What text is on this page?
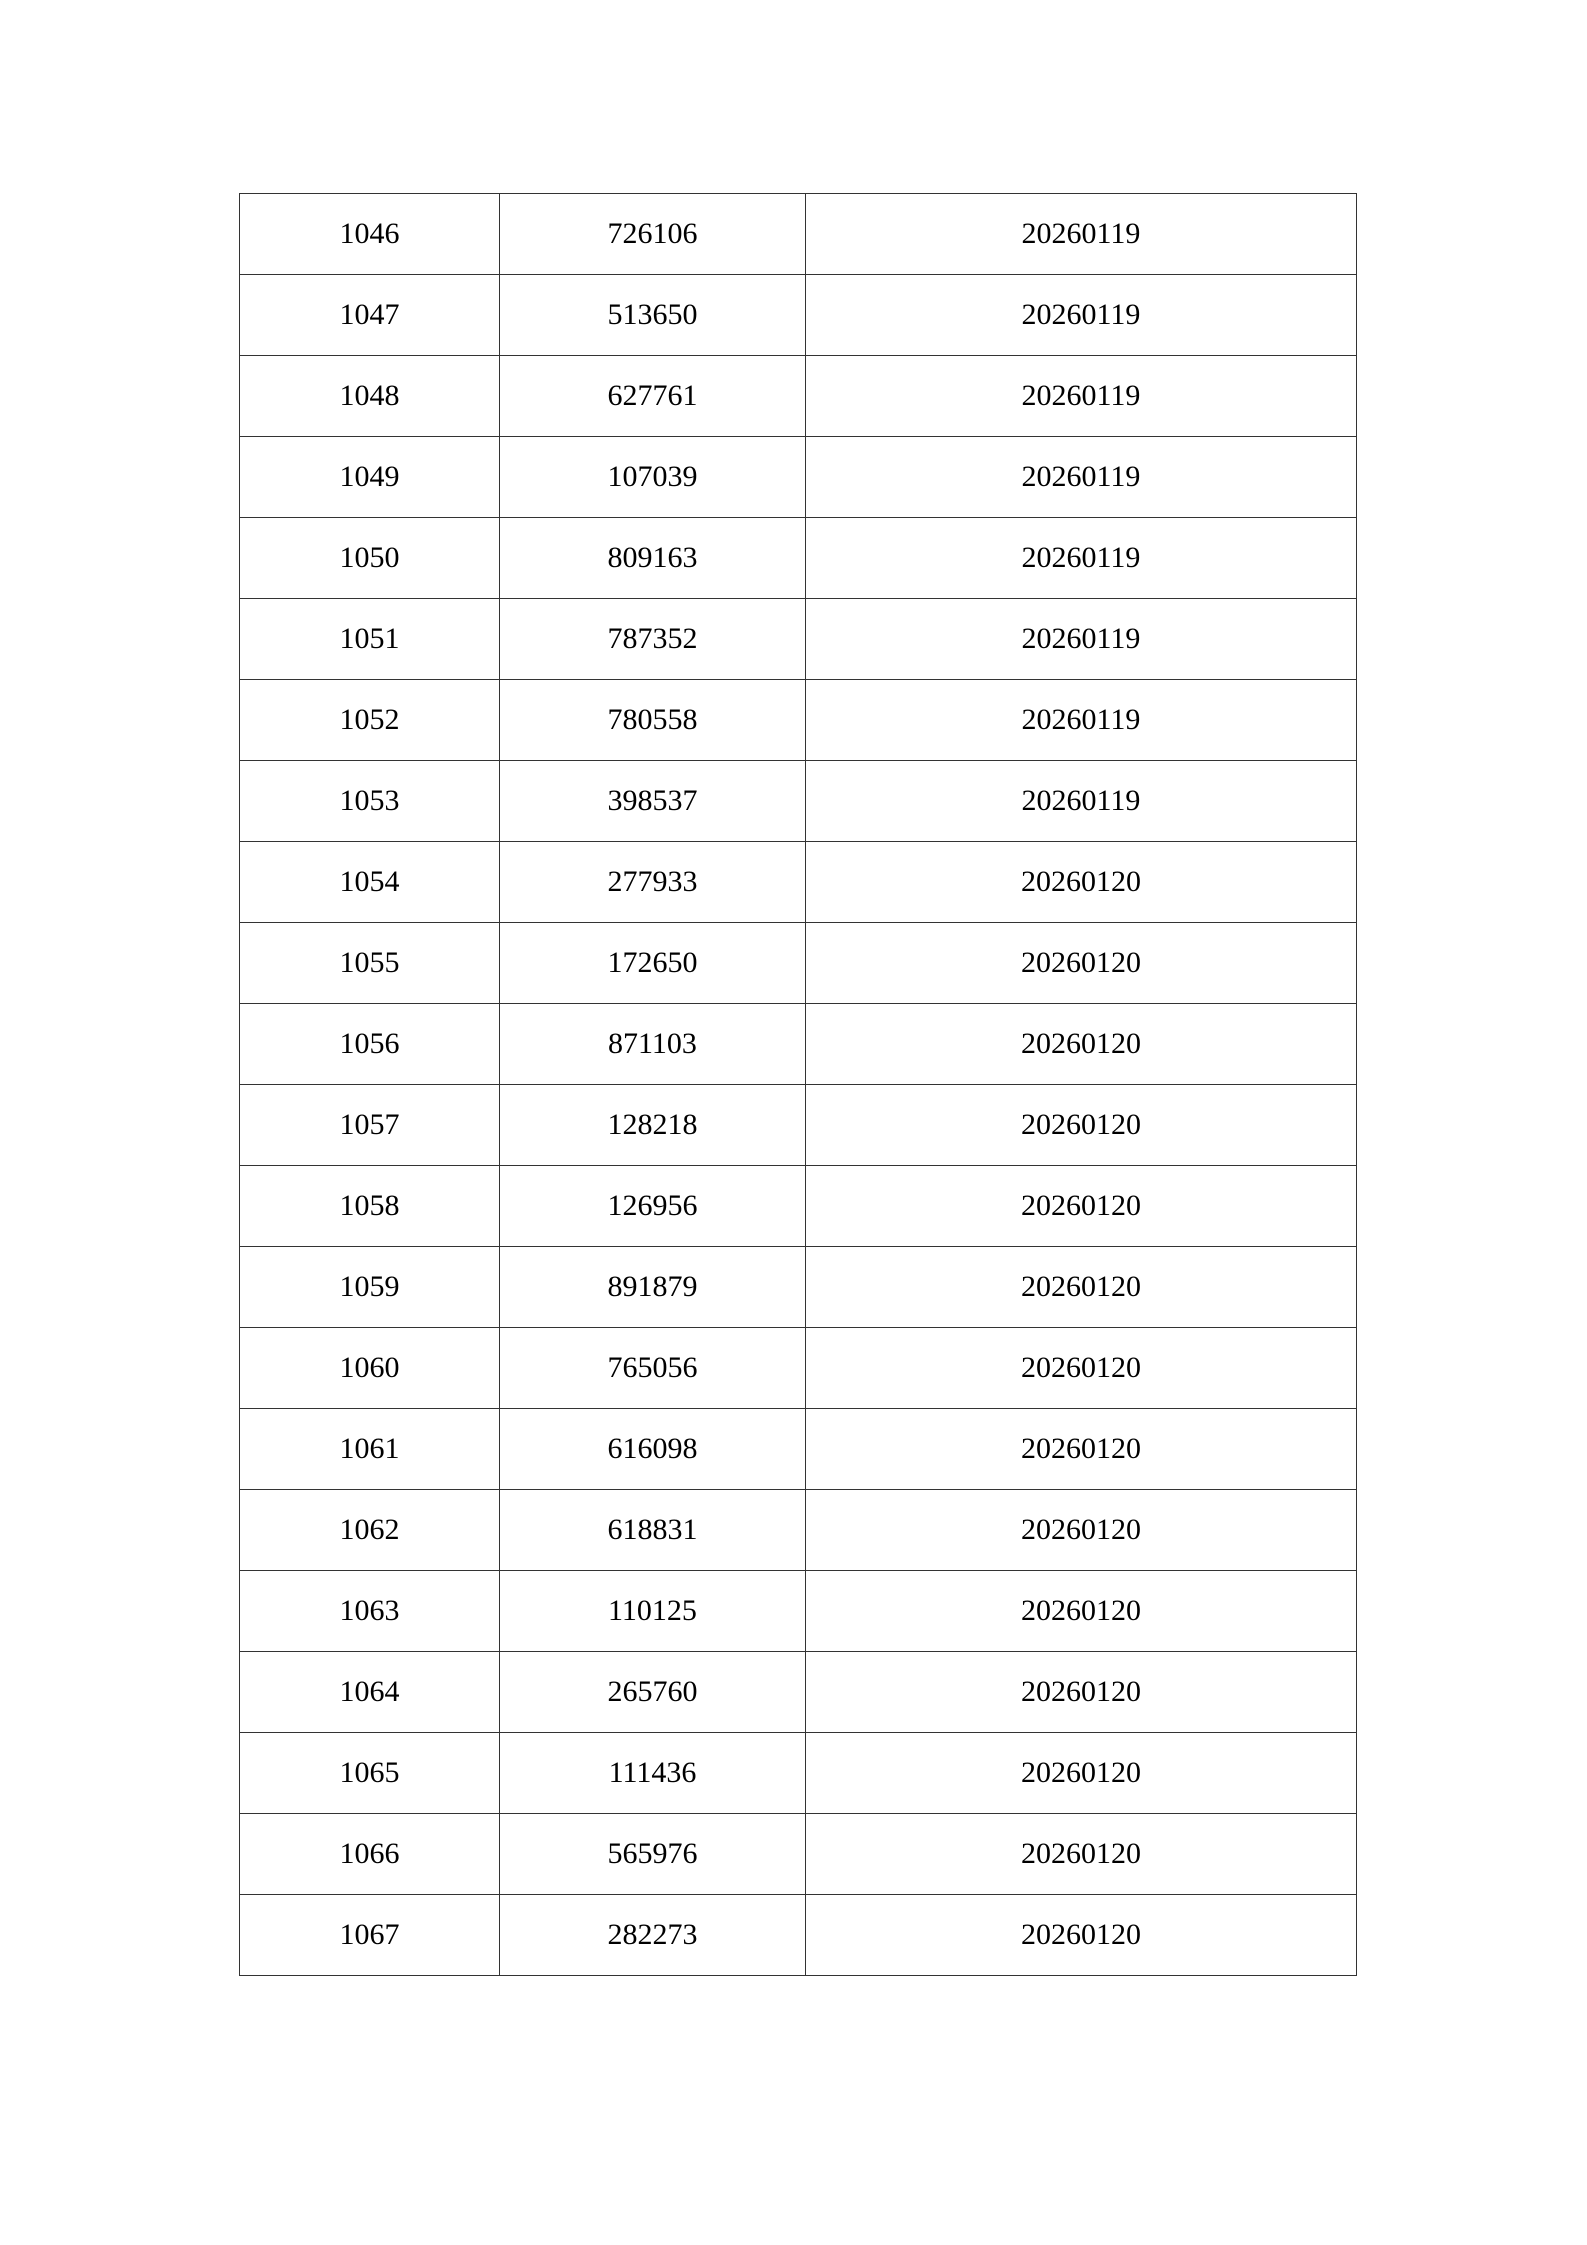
1046	726106	20260119
1047	513650	20260119
1048	627761	20260119
1049	107039	20260119
1050	809163	20260119
1051	787352	20260119
1052	780558	20260119
1053	398537	20260119
1054	277933	20260120
1055	172650	20260120
1056	871103	20260120
1057	128218	20260120
1058	126956	20260120
1059	891879	20260120
1060	765056	20260120
1061	616098	20260120
1062	618831	20260120
1063	110125	20260120
1064	265760	20260120
1065	111436	20260120
1066	565976	20260120
1067	282273	20260120
